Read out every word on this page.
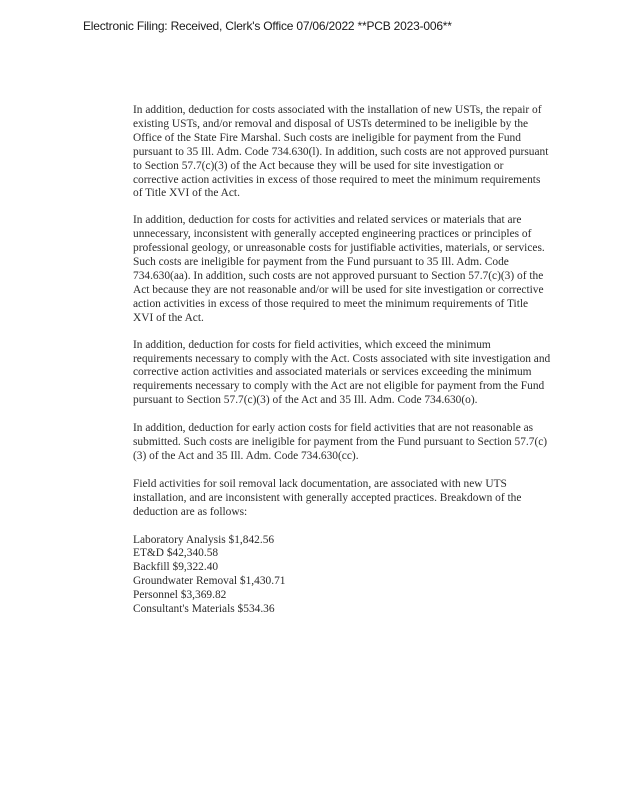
Electronic Filing: Received, Clerk's Office 07/06/2022 **PCB 2023-006**

In addition, deduction for costs associated with the installation of new USTs, the repair of existing USTs, and/or removal and disposal of USTs determined to be ineligible by the Office of the State Fire Marshal. Such costs are ineligible for payment from the Fund pursuant to 35 Ill. Adm. Code 734.630(l). In addition, such costs are not approved pursuant to Section 57.7(c)(3) of the Act because they will be used for site investigation or corrective action activities in excess of those required to meet the minimum requirements of Title XVI of the Act.

In addition, deduction for costs for activities and related services or materials that are unnecessary, inconsistent with generally accepted engineering practices or principles of professional geology, or unreasonable costs for justifiable activities, materials, or services. Such costs are ineligible for payment from the Fund pursuant to 35 Ill. Adm. Code 734.630(aa). In addition, such costs are not approved pursuant to Section 57.7(c)(3) of the Act because they are not reasonable and/or will be used for site investigation or corrective action activities in excess of those required to meet the minimum requirements of Title XVI of the Act.

In addition, deduction for costs for field activities, which exceed the minimum requirements necessary to comply with the Act. Costs associated with site investigation and corrective action activities and associated materials or services exceeding the minimum requirements necessary to comply with the Act are not eligible for payment from the Fund pursuant to Section 57.7(c)(3) of the Act and 35 Ill. Adm. Code 734.630(o).

In addition, deduction for early action costs for field activities that are not reasonable as submitted. Such costs are ineligible for payment from the Fund pursuant to Section 57.7(c)(3) of the Act and 35 Ill. Adm. Code 734.630(cc).

Field activities for soil removal lack documentation, are associated with new UTS installation, and are inconsistent with generally accepted practices. Breakdown of the deduction are as follows:

Laboratory Analysis $1,842.56

ET&D $42,340.58

Backfill $9,322.40

Groundwater Removal $1,430.71

Personnel $3,369.82

Consultant's Materials $534.36
